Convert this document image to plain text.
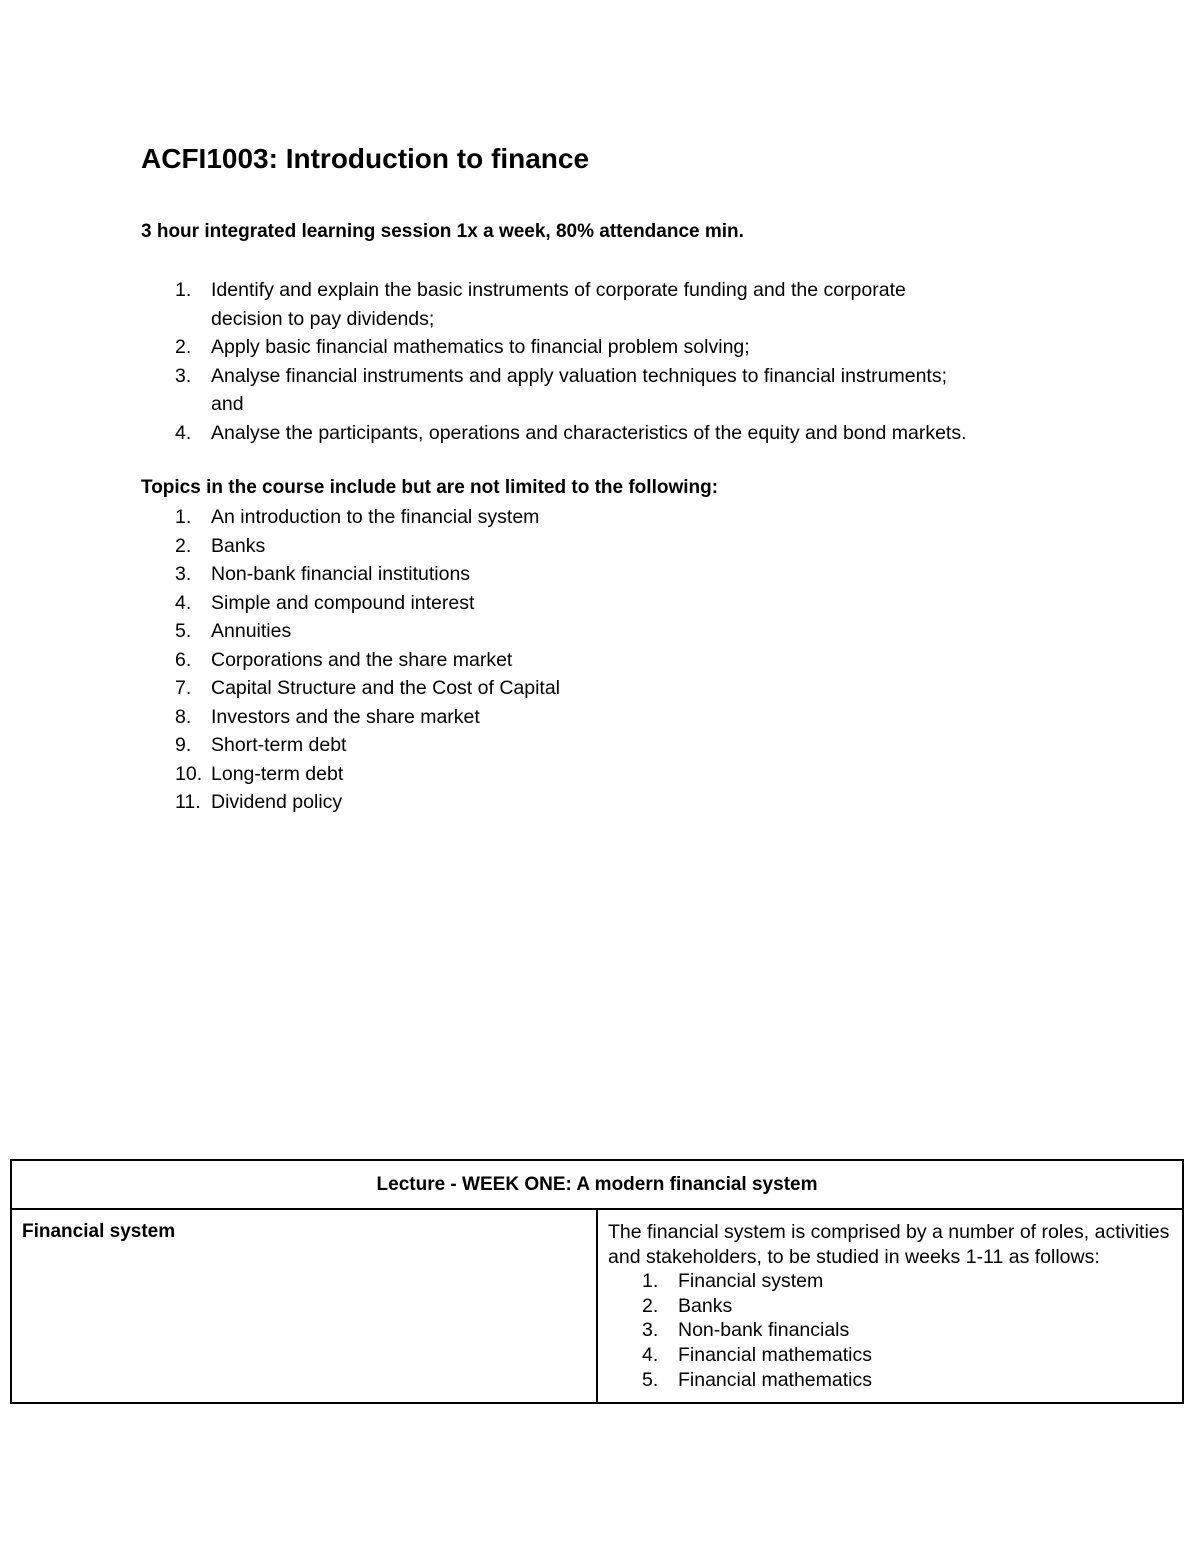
ACFI1003: Introduction to finance

3 hour integrated learning session 1x a week, 80% attendance min.

1.	Identify and explain the basic instruments of corporate funding and the corporate
decision to pay dividends;
2.	Apply basic financial mathematics to financial problem solving;
3.	Analyse financial instruments and apply valuation techniques to financial instruments;
and
4.	Analyse the participants, operations and characteristics of the equity and bond markets.

Topics in the course include but are not limited to the following:

1.	An introduction to the financial system
2.	Banks
3.	Non-bank financial institutions
4.	Simple and compound interest
5.	Annuities
6.	Corporations and the share market
7.	Capital Structure and the Cost of Capital
8.	Investors and the share market
9.	Short-term debt
10. Long-term debt
11. Dividend policy
Lecture - WEEK ONE: A modern financial system
Financial system	The financial system is comprised by a number of roles, activities and stakeholders, to be studied in weeks 1-11 as follows:

1.	Financial system
2.	Banks
3.	Non-bank financials
4.	Financial mathematics
5.	Financial mathematics
